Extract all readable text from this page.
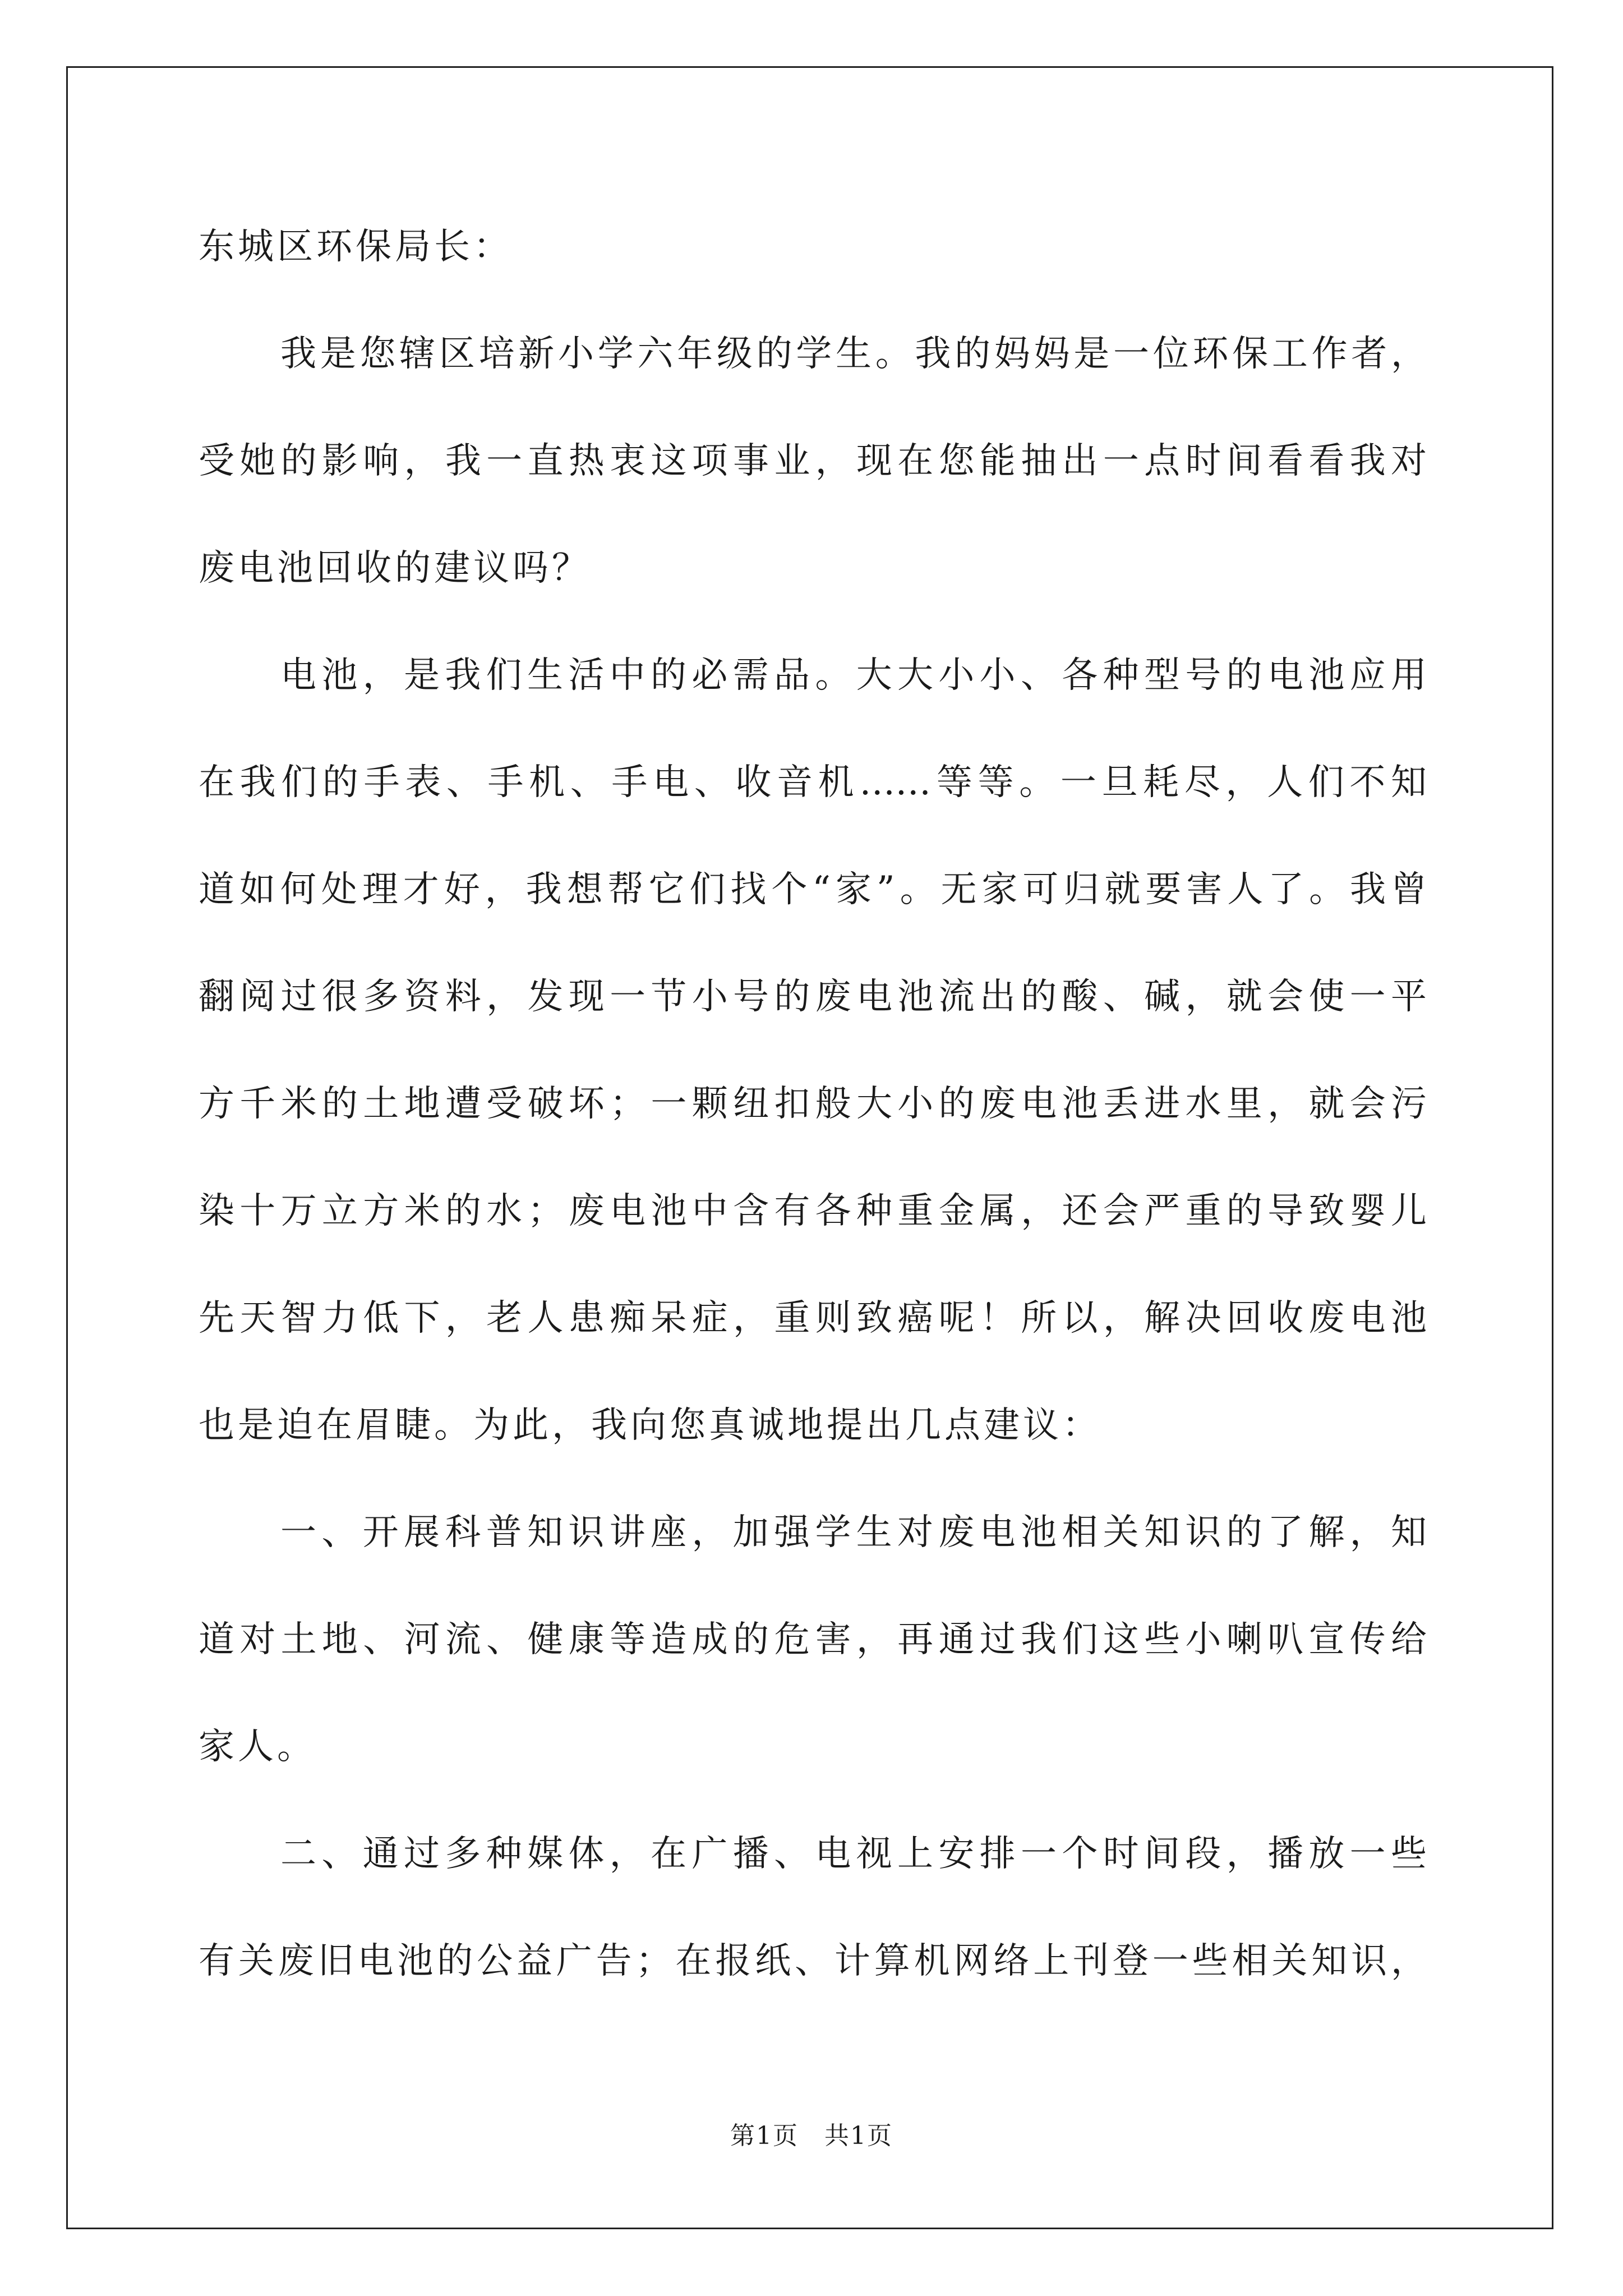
东城区环保局长：
我是您辖区培新小学六年级的学生。我的妈妈是一位环保工作者，
受她的影响，我一直热衷这项事业，现在您能抽出一点时间看看我对
废电池回收的建议吗？
电池，是我们生活中的必需品。大大小小、各种型号的电池应用
在我们的手表、手机、手电、收音机……等等。一旦耗尽，人们不知
道如何处理才好，我想帮它们找个“家”。无家可归就要害人了。我曾
翻阅过很多资料，发现一节小号的废电池流出的酸、碱，就会使一平
方千米的土地遭受破坏；一颗纽扣般大小的废电池丢进水里，就会污
染十万立方米的水；废电池中含有各种重金属，还会严重的导致婴儿
先天智力低下，老人患痴呆症，重则致癌呢！所以，解决回收废电池
也是迫在眉睫。为此，我向您真诚地提出几点建议：
一、开展科普知识讲座，加强学生对废电池相关知识的了解，知
道对土地、河流、健康等造成的危害，再通过我们这些小喇叭宣传给
家人。
二、通过多种媒体，在广播、电视上安排一个时间段，播放一些
有关废旧电池的公益广告；在报纸、计算机网络上刊登一些相关知识，
第1页 共1页
